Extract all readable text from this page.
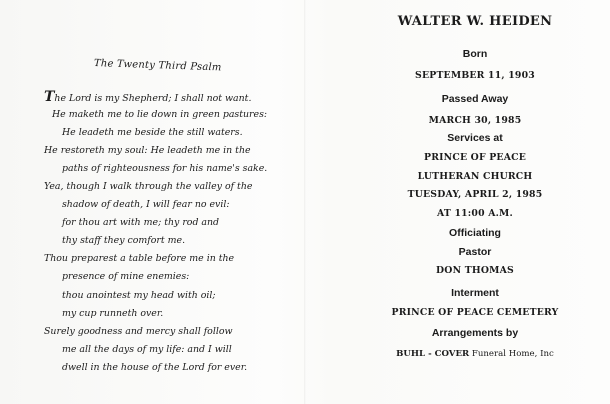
The Twenty Third Psalm
The Lord is my Shepherd; I shall not want.
He maketh me to lie down in green pastures:
He leadeth me beside the still waters.
He restoreth my soul: He leadeth me in the
paths of righteousness for his name's sake.
Yea, though I walk through the valley of the
shadow of death, I will fear no evil:
for thou art with me; thy rod and
thy staff they comfort me.
Thou preparest a table before me in the
presence of mine enemies:
thou anointest my head with oil;
my cup runneth over.
Surely goodness and mercy shall follow
me all the days of my life: and I will
dwell in the house of the Lord for ever.
WALTER W. HEIDEN
Born
SEPTEMBER 11, 1903
Passed Away
MARCH 30, 1985
Services at
PRINCE OF PEACE
LUTHERAN CHURCH
TUESDAY, APRIL 2, 1985
AT 11:00 A.M.
Officiating
Pastor
DON THOMAS
Interment
PRINCE OF PEACE CEMETERY
Arrangements by
BUHL - COVER Funeral Home, Inc
